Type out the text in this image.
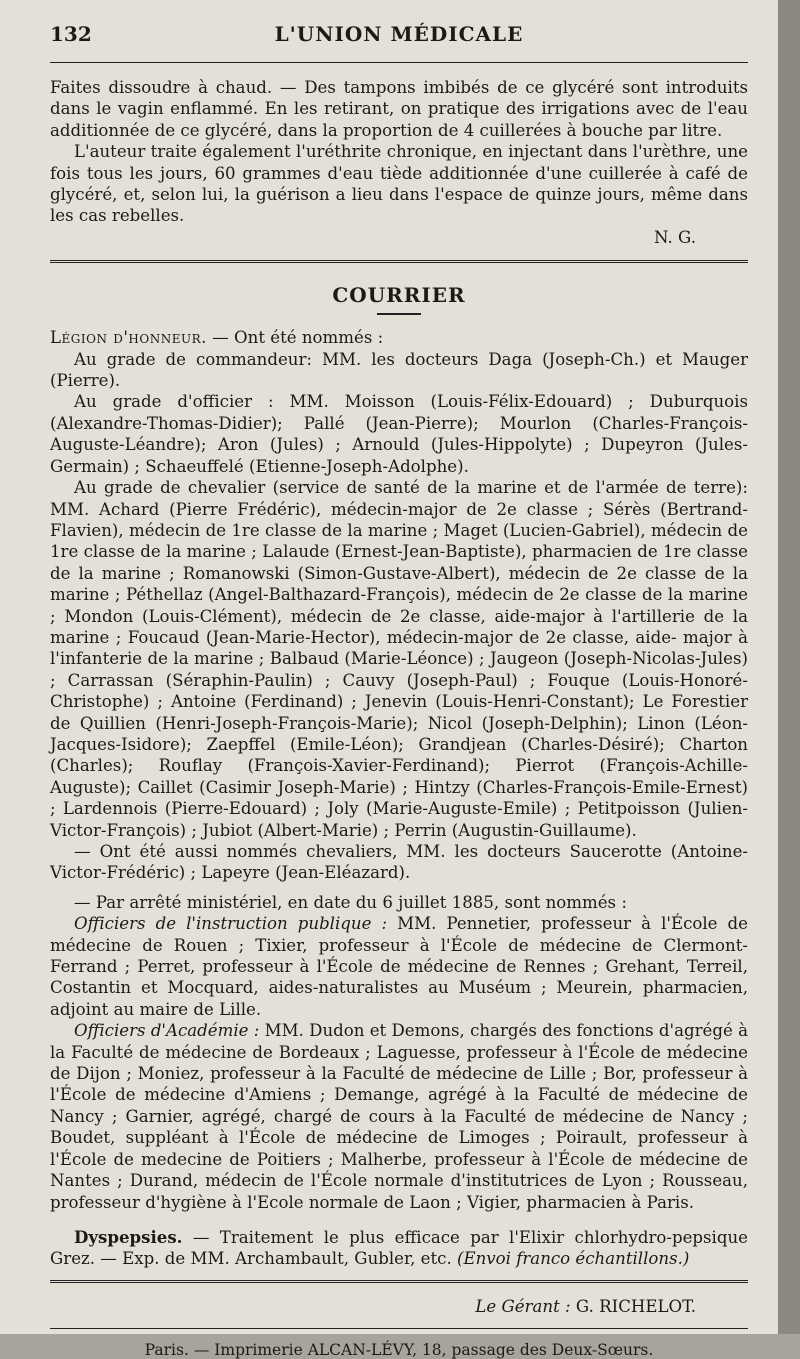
132	L'UNION MÉDICALE

Faites dissoudre à chaud. — Des tampons imbibés de ce glycéré sont introduits dans le vagin enflammé. En les retirant, on pratique des irrigations avec de l'eau additionnée de ce glycéré, dans la proportion de 4 cuillerées à bouche par litre.

L'auteur traite également l'uréthrite chronique, en injectant dans l'urèthre, une fois tous les jours, 60 grammes d'eau tiède additionnée d'une cuillerée à café de glycéré, et, selon lui, la guérison a lieu dans l'espace de quinze jours, même dans les cas rebelles.

N. G.
COURRIER

Légion d'honneur. — Ont été nommés :

Au grade de commandeur: MM. les docteurs Daga (Joseph-Ch.) et Mauger (Pierre).

Au grade d'officier : MM. Moisson (Louis-Félix-Edouard) ; Duburquois (Alexandre-Thomas-Didier); Pallé (Jean-Pierre); Mourlon (Charles-François-Auguste-Léandre); Aron (Jules) ; Arnould (Jules-Hippolyte) ; Dupeyron (Jules-Germain) ; Schaeuffelé (Etienne-Joseph-Adolphe).

Au grade de chevalier (service de santé de la marine et de l'armée de terre): MM. Achard (Pierre Frédéric), médecin-major de 2e classe ; Sérès (Bertrand-Flavien), médecin de 1re classe de la marine ; Maget (Lucien-Gabriel), médecin de 1re classe de la marine ; Lalaude (Ernest-Jean-Baptiste), pharmacien de 1re classe de la marine ; Romanowski (Simon-Gustave-Albert), médecin de 2e classe de la marine ; Péthellaz (Angel-Balthazard-François), médecin de 2e classe de la marine ; Mondon (Louis-Clément), médecin de 2e classe, aide-major à l'artillerie de la marine ; Foucaud (Jean-Marie-Hector), médecin-major de 2e classe, aide- major à l'infanterie de la marine ; Balbaud (Marie-Léonce) ; Jaugeon (Joseph-Nicolas-Jules) ; Carrassan (Séraphin-Paulin) ; Cauvy (Joseph-Paul) ; Fouque (Louis-Honoré-Christophe) ; Antoine (Ferdinand) ; Jenevin (Louis-Henri-Constant); Le Forestier de Quillien (Henri-Joseph-François-Marie); Nicol (Joseph-Delphin); Linon (Léon-Jacques-Isidore); Zaepffel (Emile-Léon); Grandjean (Charles-Désiré); Charton (Charles); Rouflay (François-Xavier-Ferdinand); Pierrot (François-Achille-Auguste); Caillet (Casimir Joseph-Marie) ; Hintzy (Charles-François-Emile-Ernest) ; Lardennois (Pierre-Edouard) ; Joly (Marie-Auguste-Emile) ; Petitpoisson (Julien-Victor-François) ; Jubiot (Albert-Marie) ; Perrin (Augustin-Guillaume).

— Ont été aussi nommés chevaliers, MM. les docteurs Saucerotte (Antoine-Victor-Frédéric) ; Lapeyre (Jean-Eléazard).

— Par arrêté ministériel, en date du 6 juillet 1885, sont nommés :

Officiers de l'instruction publique : MM. Pennetier, professeur à l'École de médecine de Rouen ; Tixier, professeur à l'École de médecine de Clermont-Ferrand ; Perret, professeur à l'École de médecine de Rennes ; Grehant, Terreil, Costantin et Mocquard, aides-naturalistes au Muséum ; Meurein, pharmacien, adjoint au maire de Lille.

Officiers d'Académie : MM. Dudon et Demons, chargés des fonctions d'agrégé à la Faculté de médecine de Bordeaux ; Laguesse, professeur à l'École de médecine de Dijon ; Moniez, professeur à la Faculté de médecine de Lille ; Bor, professeur à l'École de médecine d'Amiens ; Demange, agrégé à la Faculté de médecine de Nancy ; Garnier, agrégé, chargé de cours à la Faculté de médecine de Nancy ; Boudet, suppléant à l'École de médecine de Limoges ; Poirault, professeur à l'École de medecine de Poitiers ; Malherbe, professeur à l'École de médecine de Nantes ; Durand, médecin de l'École normale d'institutrices de Lyon ; Rousseau, professeur d'hygiène à l'Ecole normale de Laon ; Vigier, pharmacien à Paris.

Dyspepsies. — Traitement le plus efficace par l'Elixir chlorhydro-pepsique Grez. — Exp. de MM. Archambault, Gubler, etc. (Envoi franco échantillons.)

Le Gérant : G. RICHELOT.
Paris. — Imprimerie ALCAN-LÉVY, 18, passage des Deux-Sœurs.
